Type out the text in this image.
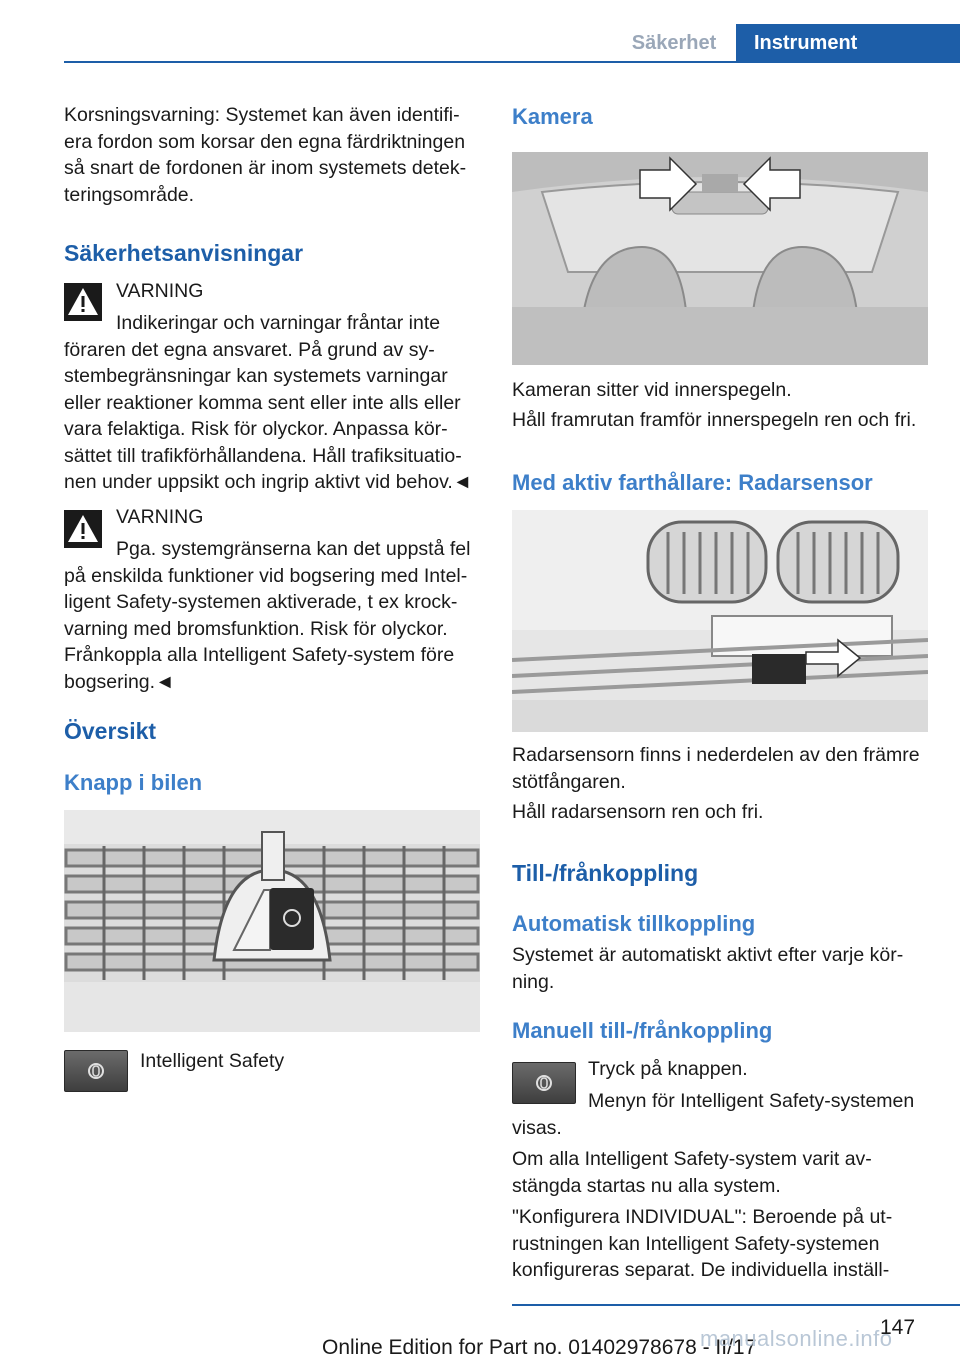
Säkerhet	Instrument

Korsningsvarning: Systemet kan även identifiera fordon som korsar den egna färdriktningen så snart de fordonen är inom systemets detekteringsområde.

Säkerhetsanvisningar

VARNING

Indikeringar och varningar fråntar inte föraren det egna ansvaret. På grund av systembegränsningar kan systemets varningar eller reaktioner komma sent eller inte alls eller vara felaktiga. Risk för olyckor. Anpassa körsättet till trafikförhållandena. Håll trafiksituationen under uppsikt och ingrip aktivt vid behov.◄

VARNING

Pga. systemgränserna kan det uppstå fel på enskilda funktioner vid bogsering med Intelligent Safety-systemen aktiverade, t ex krockvarning med bromsfunktion. Risk för olyckor. Frånkoppla alla Intelligent Safety-system före bogsering.◄

Översikt
Knapp i bilen

Intelligent Safety

Kamera

Kameran sitter vid innerspegeln.

Håll framrutan framför innerspegeln ren och fri.

Med aktiv farthållare: Radarsensor

Radarsensorn finns i nederdelen av den främre stötfångaren.

Håll radarsensorn ren och fri.

Till-/frånkoppling
Automatisk tillkoppling

Systemet är automatiskt aktivt efter varje körning.

Manuell till-/frånkoppling

Tryck på knappen.

Menyn för Intelligent Safety-systemen visas.

Om alla Intelligent Safety-system varit avstängda startas nu alla system.

"Konfigurera INDIVIDUAL": Beroende på utrustningen kan Intelligent Safety-systemen konfigureras separat. De individuella inställ-

147
Online Edition for Part no. 01402978678 - II/17
manualsonline.info
